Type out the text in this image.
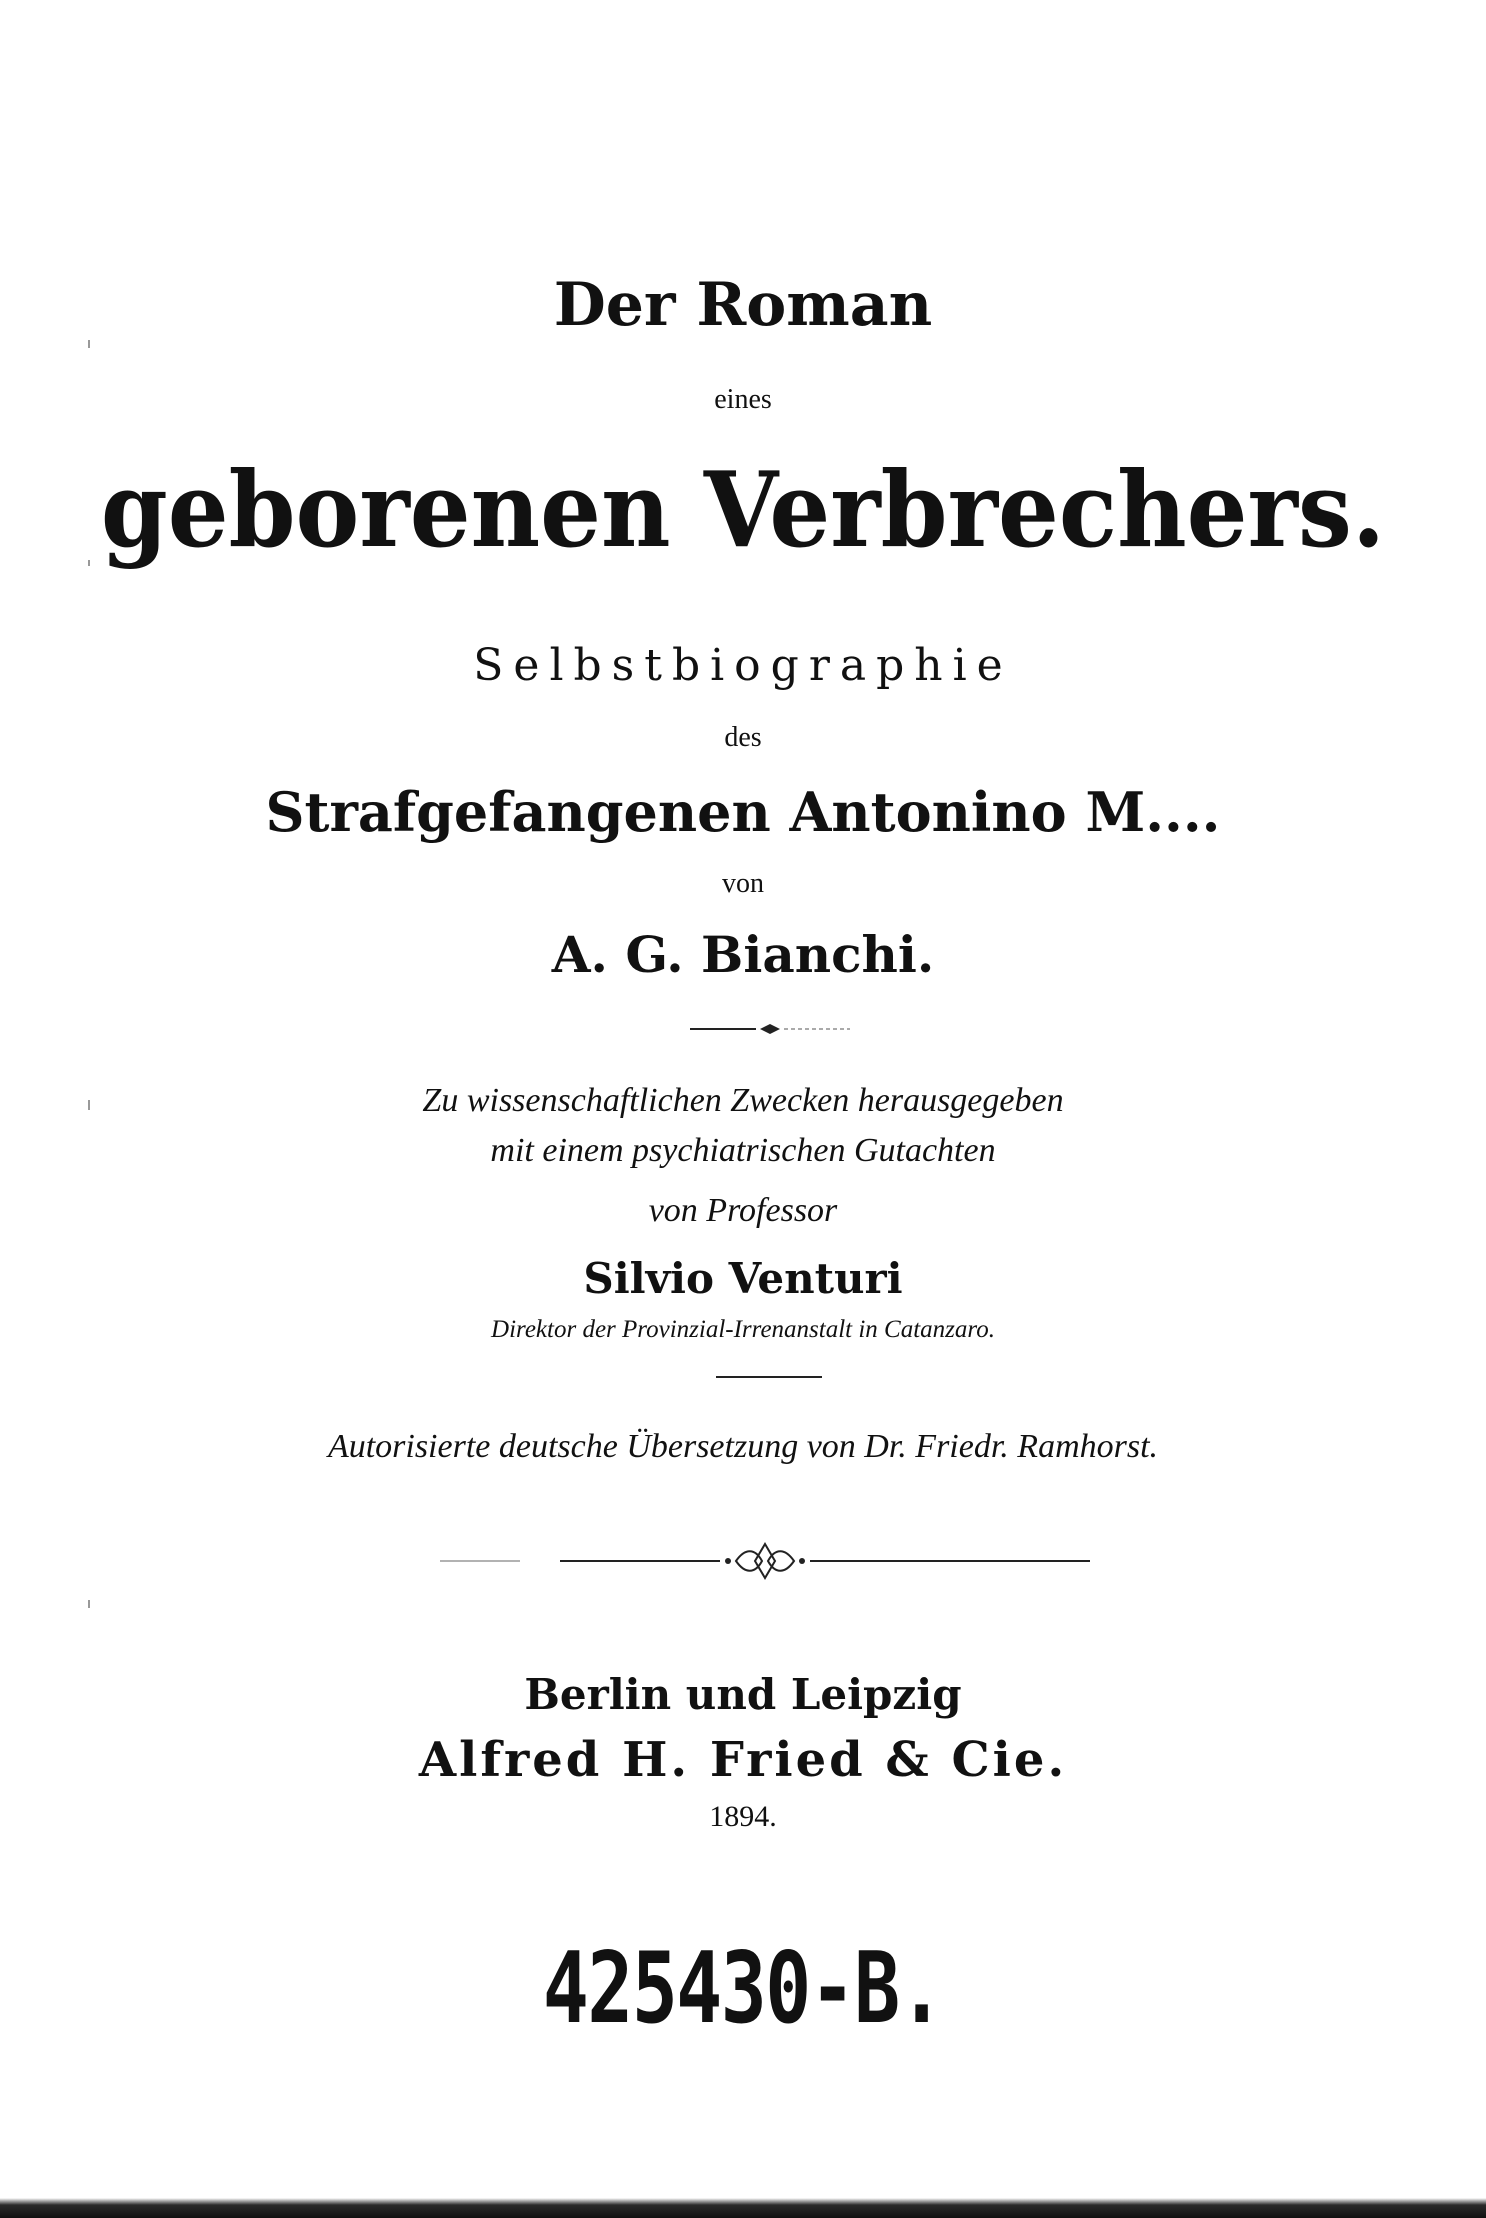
Der Roman
eines
geborenen Verbrechers.
Selbstbiographie
des
Strafgefangenen Antonino M....
von
A. G. Bianchi.
Zu wissenschaftlichen Zwecken herausgegeben
mit einem psychiatrischen Gutachten
von Professor
Silvio Venturi
Direktor der Provinzial-Irrenanstalt in Catanzaro.
Autorisierte deutsche Übersetzung von Dr. Friedr. Ramhorst.
Berlin und Leipzig
Alfred H. Fried & Cie.
1894.
425430-B.
